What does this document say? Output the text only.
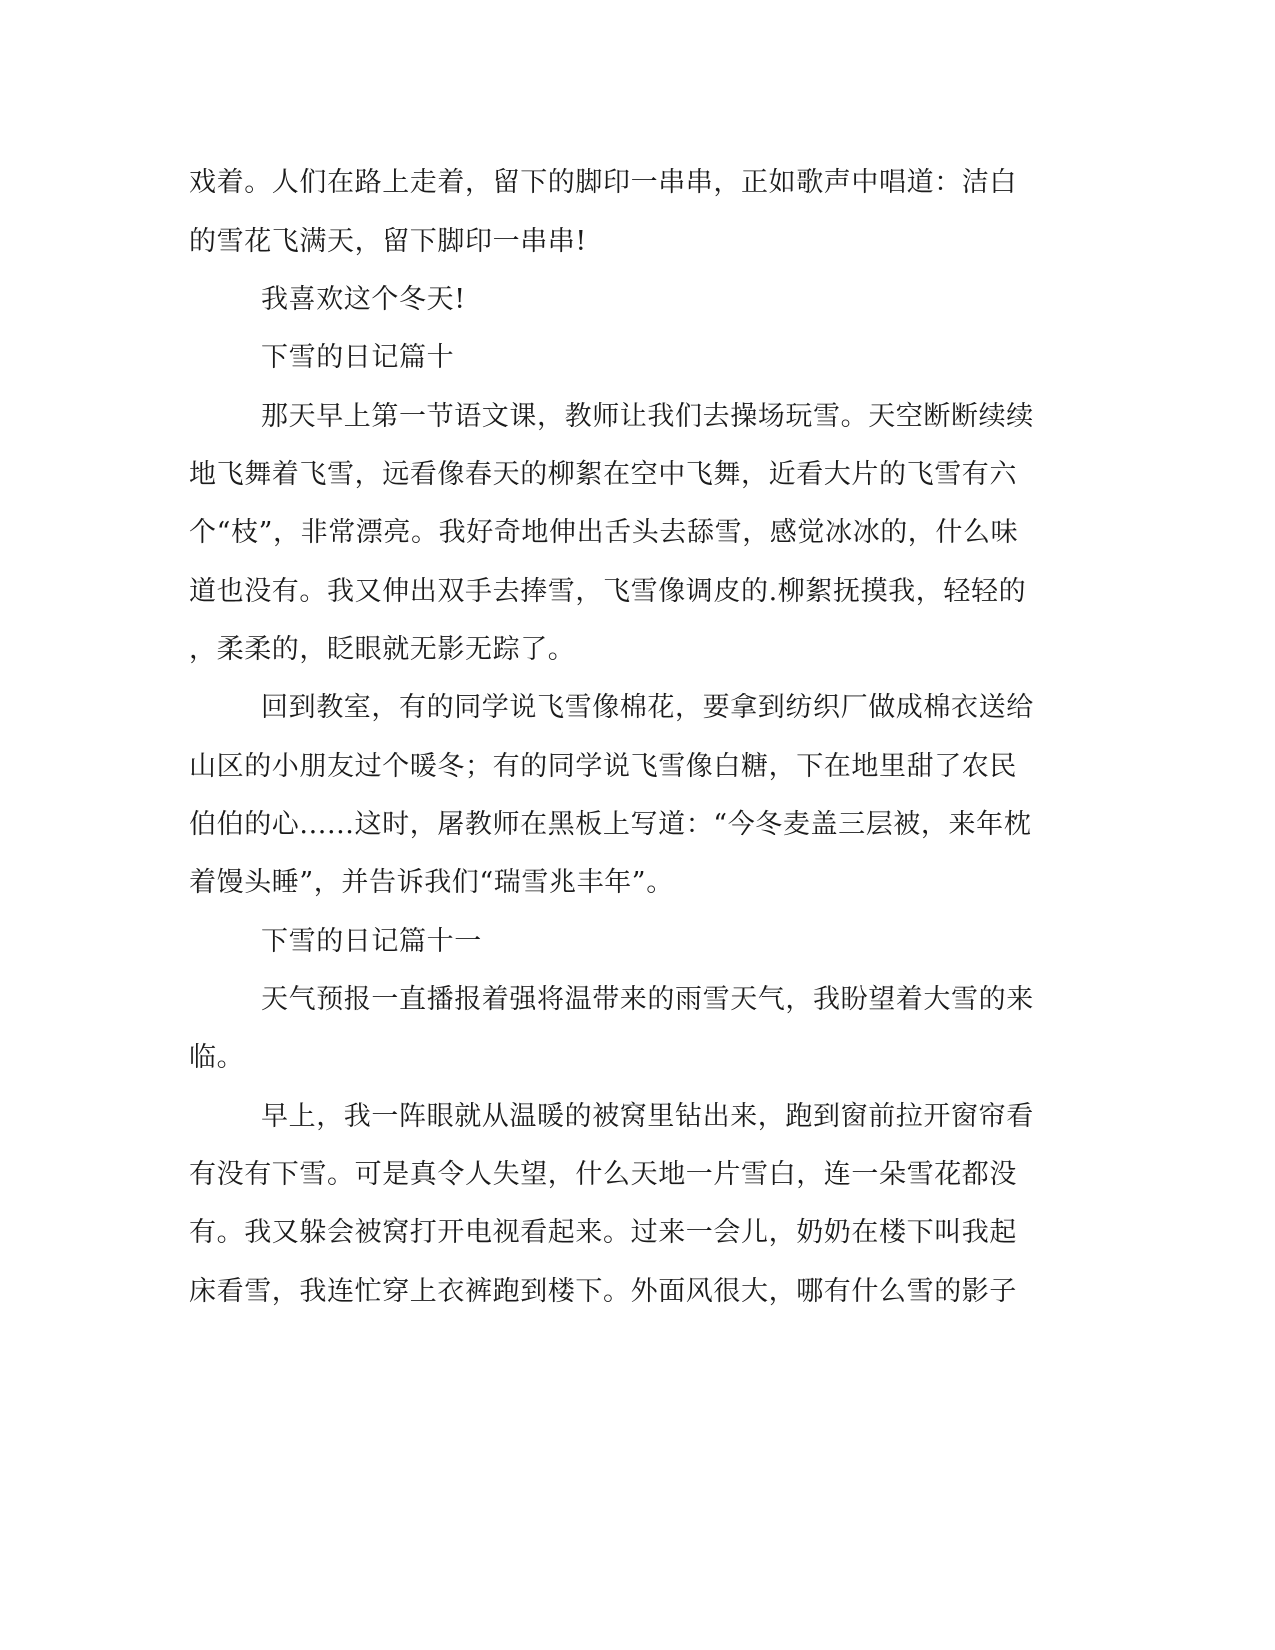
戏着。人们在路上走着，留下的脚印一串串，正如歌声中唱道：洁白
的雪花飞满天，留下脚印一串串!
我喜欢这个冬天!
下雪的日记篇十
那天早上第一节语文课，教师让我们去操场玩雪。天空断断续续
地飞舞着飞雪，远看像春天的柳絮在空中飞舞，近看大片的飞雪有六
个“枝”，非常漂亮。我好奇地伸出舌头去舔雪，感觉冰冰的，什么味
道也没有。我又伸出双手去捧雪，飞雪像调皮的.柳絮抚摸我，轻轻的
，柔柔的，眨眼就无影无踪了。
回到教室，有的同学说飞雪像棉花，要拿到纺织厂做成棉衣送给
山区的小朋友过个暖冬；有的同学说飞雪像白糖，下在地里甜了农民
伯伯的心......这时，屠教师在黑板上写道：“今冬麦盖三层被，来年枕
着馒头睡”，并告诉我们“瑞雪兆丰年”。
下雪的日记篇十一
天气预报一直播报着强将温带来的雨雪天气，我盼望着大雪的来
临。
早上，我一阵眼就从温暖的被窝里钻出来，跑到窗前拉开窗帘看
有没有下雪。可是真令人失望，什么天地一片雪白，连一朵雪花都没
有。我又躲会被窝打开电视看起来。过来一会儿，奶奶在楼下叫我起
床看雪，我连忙穿上衣裤跑到楼下。外面风很大，哪有什么雪的影子
